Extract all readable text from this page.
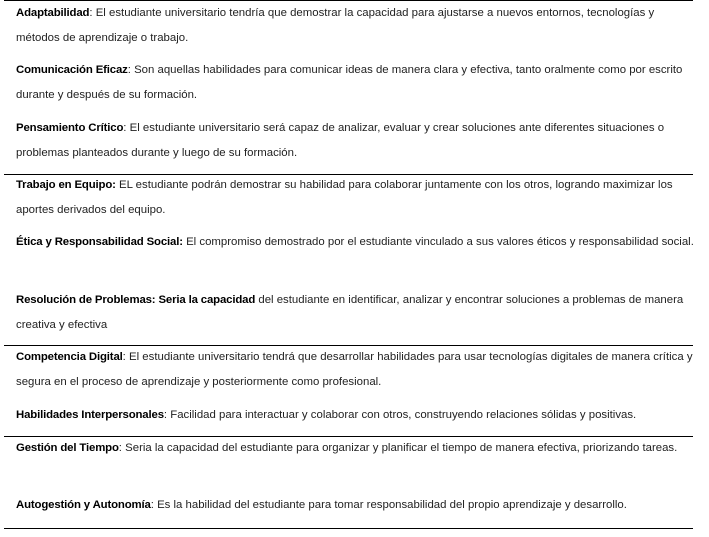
Adaptabilidad: El estudiante universitario tendría que demostrar la capacidad para ajustarse a nuevos entornos, tecnologías y métodos de aprendizaje o trabajo.

Comunicación Eficaz: Son aquellas habilidades para comunicar ideas de manera clara y efectiva, tanto oralmente como por escrito durante y después de su formación.

Pensamiento Crítico: El estudiante universitario será capaz de analizar, evaluar y crear soluciones ante diferentes situaciones o problemas planteados durante y luego de su formación.

Trabajo en Equipo: EL estudiante podrán demostrar su habilidad para colaborar juntamente con los otros, logrando maximizar los aportes derivados del equipo.

Ética y Responsabilidad Social: El compromiso demostrado por el estudiante vinculado a sus valores éticos y responsabilidad social.

Resolución de Problemas: Seria la capacidad del estudiante en identificar, analizar y encontrar soluciones a problemas de manera creativa y efectiva

Competencia Digital: El estudiante universitario tendrá que desarrollar habilidades para usar tecnologías digitales de manera crítica y segura en el proceso de aprendizaje y posteriormente como profesional.

Habilidades Interpersonales: Facilidad para interactuar y colaborar con otros, construyendo relaciones sólidas y positivas.

Gestión del Tiempo: Seria la capacidad del estudiante para organizar y planificar el tiempo de manera efectiva, priorizando tareas.

Autogestión y Autonomía: Es la habilidad del estudiante para tomar responsabilidad del propio aprendizaje y desarrollo.
